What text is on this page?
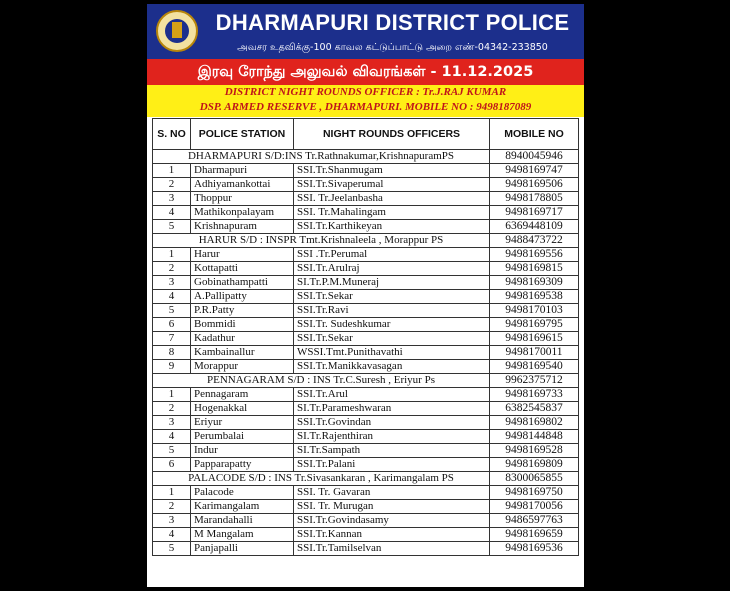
DHARMAPURI DISTRICT POLICE
அவசர உதவிக்கு-100 காவல கட்டுப்பாட்டு அறை எண்-04342-233850
இரவு ரோந்து அலுவல் விவரங்கள் - 11.12.2025
DISTRICT NIGHT ROUNDS OFFICER : Tr.J.RAJ KUMAR
DSP. ARMED RESERVE , DHARMAPURI. MOBILE NO : 9498187089
S. NO	POLICE STATION	NIGHT ROUNDS OFFICERS	MOBILE NO
DHARMAPURI S/D:INS Tr.Rathnakumar,KrishnapuramPS			8940045946
1	Dharmapuri	SSI.Tr.Shanmugam	9498169747
2	Adhiyamankottai	SSI.Tr.Sivaperumal	9498169506
3	Thoppur	SSI. Tr.Jeelanbasha	9498178805
4	Mathikonpalayam	SSI. Tr.Mahalingam	9498169717
5	Krishnapuram	SSI.Tr.Karthikeyan	6369448109
HARUR S/D : INSPR Tmt.Krishnaleela , Morappur PS			9488473722
1	Harur	SSI .Tr.Perumal	9498169556
2	Kottapatti	SSI.Tr.Arulraj	9498169815
3	Gobinathampatti	SI.Tr.P.M.Muneraj	9498169309
4	A.Pallipatty	SSI.Tr.Sekar	9498169538
5	P.R.Patty	SSI.Tr.Ravi	9498170103
6	Bommidi	SSI.Tr. Sudeshkumar	9498169795
7	Kadathur	SSI.Tr.Sekar	9498169615
8	Kambainallur	WSSI.Tmt.Punithavathi	9498170011
9	Morappur	SSI.Tr.Manikkavasagan	9498169540
PENNAGARAM S/D : INS Tr.C.Suresh , Eriyur Ps			9962375712
1	Pennagaram	SSI.Tr.Arul	9498169733
2	Hogenakkal	SI.Tr.Parameshwaran	6382545837
3	Eriyur	SSI.Tr.Govindan	9498169802
4	Perumbalai	SI.Tr.Rajenthiran	9498144848
5	Indur	SI.Tr.Sampath	9498169528
6	Papparapatty	SSI.Tr.Palani	9498169809
PALACODE S/D : INS Tr.Sivasankaran , Karimangalam PS			8300065855
1	Palacode	SSI. Tr. Gavaran	9498169750
2	Karimangalam	SSI. Tr. Murugan	9498170056
3	Marandahalli	SSI.Tr.Govindasamy	9486597763
4	M Mangalam	SSI.Tr.Kannan	9498169659
5	Panjapalli	SSI.Tr.Tamilselvan	9498169536
